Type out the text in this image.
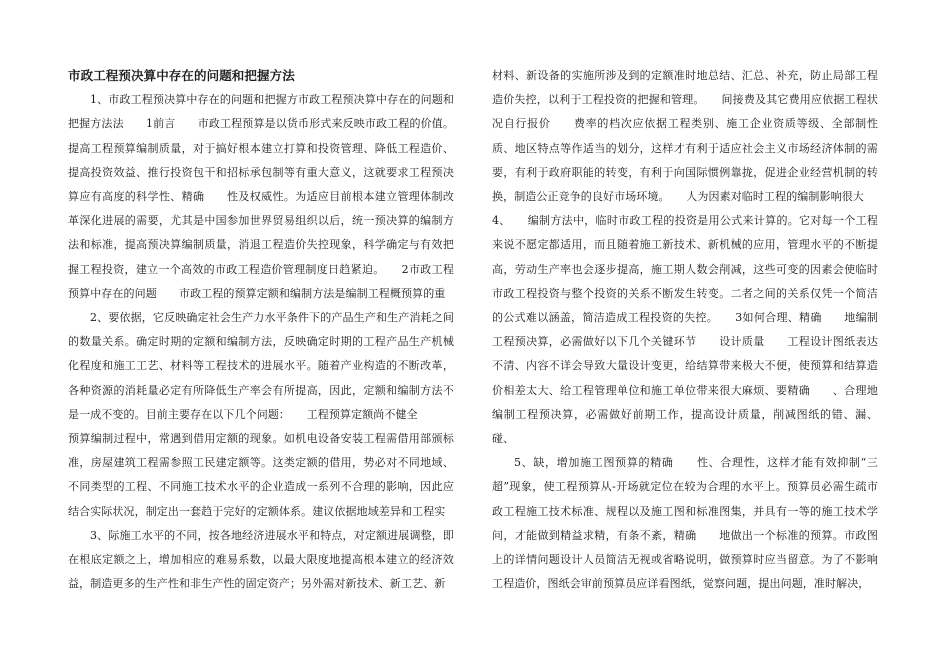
市政工程预决算中存在的问题和把握方法

1、市政工程预决算中存在的问题和把握方市政工程预决算中存在的问题和把握方法法　　1前言　　市政工程预算是以货币形式来反映市政工程的价值。提高工程预算编制质量，对于搞好根本建立打算和投资管理、降低工程造价、提高投资效益、推行投资包干和招标承包制等有重大意义，这就要求工程预决算应有高度的科学性、精确　　性及权威性。为适应目前根本建立管理体制改革深化进展的需要，尤其是中国参加世界贸易组织以后，统一预决算的编制方法和标准，提高预决算编制质量，消退工程造价失控现象，科学确定与有效把握工程投资，建立一个高效的市政工程造价管理制度日趋紧迫。　　2市政工程预算中存在的问题　　市政工程的预算定额和编制方法是编制工程概预算的重

2、要依据，它反映确定社会生产力水平条件下的产品生产和生产消耗之间的数量关系。确定时期的定额和编制方法，反映确定时期的工程产品生产机械化程度和施工工艺、材料等工程技术的进展水平。随着产业构造的不断改革，各种资源的消耗量必定有所降低生产率会有所提高，因此，定额和编制方法不是一成不变的。目前主要存在以下几个问题：　　工程预算定额尚不健全

预算编制过程中，常遇到借用定额的现象。如机电设备安装工程需借用部颁标准，房屋建筑工程需参照工民建定额等。这类定额的借用，势必对不同地域、不同类型的工程、不同施工技术水平的企业造成一系列不合理的影响，因此应结合实际状况，制定出一套趋于完好的定额体系。建议依据地域差异和工程实

3、际施工水平的不同，按各地经济进展水平和特点，对定额进展调整，即在根底定额之上，增加相应的难易系数，以最大限度地提高根本建立的经济效益，制造更多的生产性和非生产性的固定资产；另外需对新技术、新工艺、新

材料、新设备的实施所涉及到的定额准时地总结、汇总、补充，防止局部工程造价失控，以利于工程投资的把握和管理。　　间接费及其它费用应依据工程状况自行报价　　费率的档次应依据工程类别、施工企业资质等级、全部制性质、地区特点等作适当的划分，这样才有利于适应社会主义市场经济体制的需要，有利于政府职能的转变，有利于向国际惯例靠拢，促进企业经营机制的转换，制造公正竞争的良好市场环境。　　人为因素对临时工程的编制影响很大

4、　　编制方法中，临时市政工程的投资是用公式来计算的。它对每一个工程来说不愿定都适用，而且随着施工新技术、新机械的应用，管理水平的不断提高，劳动生产率也会逐步提高，施工期人数会削减，这些可变的因素会使临时市政工程投资与整个投资的关系不断发生转变。二者之间的关系仅凭一个简洁的公式难以涵盖，简洁造成工程投资的失控。　　3如何合理、精确　　地编制工程预决算，必需做好以下几个关键环节　　设计质量　　工程设计图纸表达不清、内容不详会导致大量设计变更，给结算带来极大不便，使预算和结算造价相差太大、给工程管理单位和施工单位带来很大麻烦、要精确　　、合理地编制工程预决算，必需做好前期工作，提高设计质量，削减图纸的错、漏、碰、

5、缺，增加施工图预算的精确　　性、合理性，这样才能有效抑制“三超”现象，使工程预算从-开场就定位在较为合理的水平上。预算员必需生疏市政工程施工技术标准、规程以及施工图和标准图集，并具有一等的施工技术学问，才能做到精益求精，有条不紊，精确　　地做出一个标准的预算。市政图上的详情问题设计人员简洁无视或省略说明，做预算时应当留意。为了不影响工程造价，图纸会审前预算员应详看图纸，觉察问题，提出问题，准时解决，
